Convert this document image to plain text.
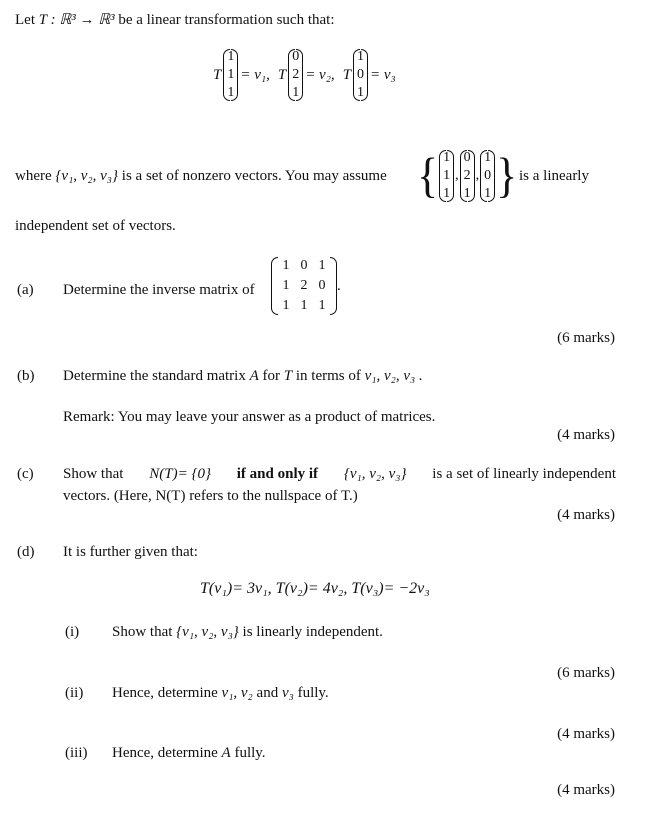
Let T : ℝ³ → ℝ³ be a linear transformation such that:
T
1
1
1
= v₁, T
0
2
1
= v₂, T
1
0
1
= v₃
where {v₁, v₂, v₃} is a set of nonzero vectors. You may assume { 1
1
1
,
0
2
1
,
1
0
1 } is a linearly
independent set of vectors.
(a) Determine the inverse matrix of
1 0 1
1 2 0
1 1 1
.
(6 marks)
(b) Determine the standard matrix A for T in terms of v₁, v₂, v₃ .
Remark: You may leave your answer as a product of matrices.
(4 marks)
(c) Show that N(T)= {0} if and only if {v₁, v₂, v₃} is a set of linearly independent
vectors. (Here, N(T) refers to the nullspace of T.)
(4 marks)
(d) It is further given that:
T(v₁)= 3v₁, T(v₂)= 4v₂, T(v₃)= −2v₃
(i) Show that {v₁, v₂, v₃} is linearly independent.
(6 marks)
(ii) Hence, determine v₁, v₂ and v₃ fully.
(4 marks)
(iii) Hence, determine A fully.
(4 marks)
